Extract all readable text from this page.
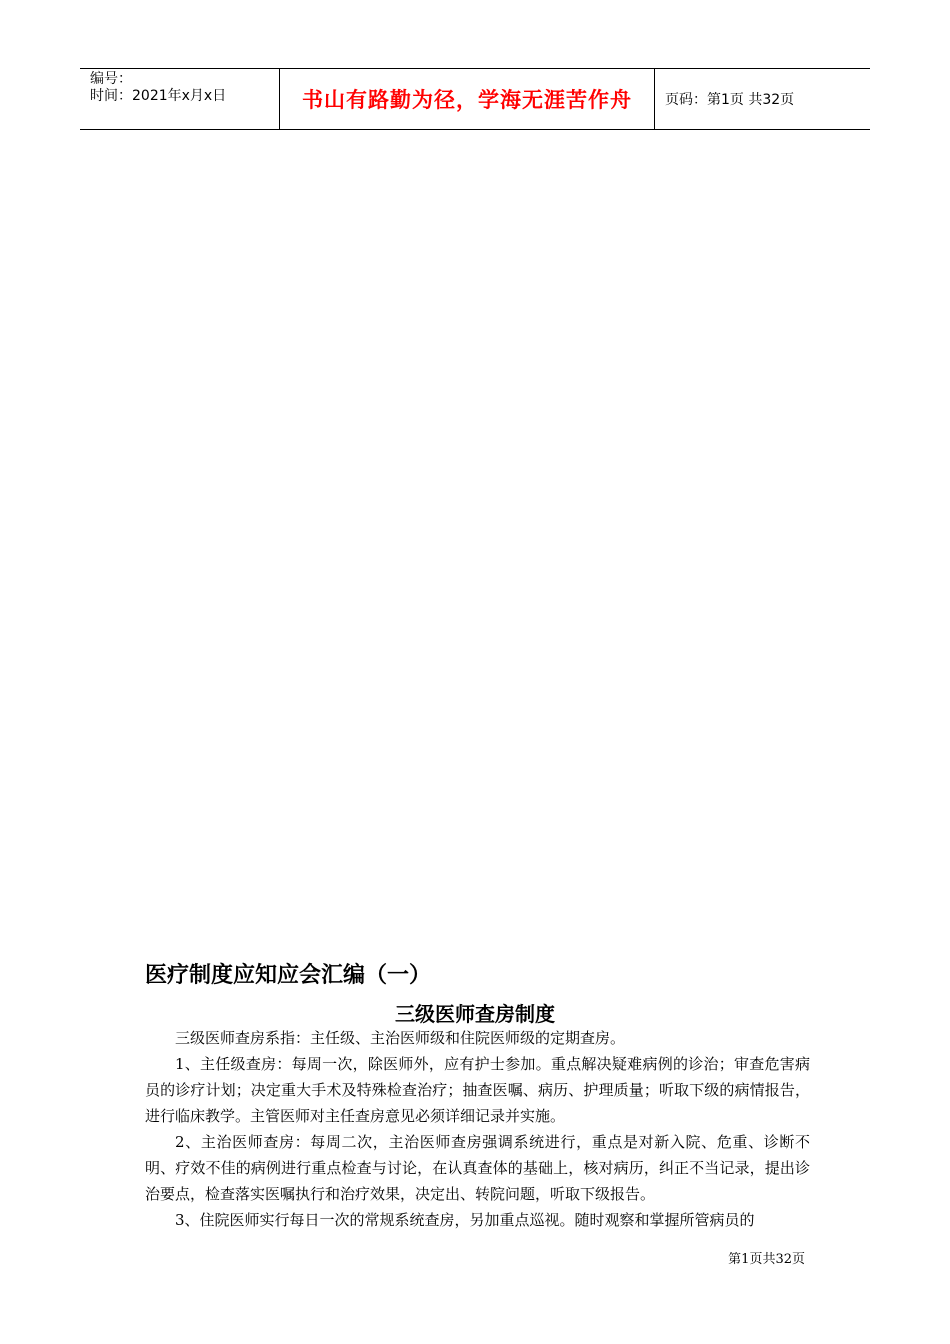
编号：
时间：2021年x月x日	书山有路勤为径，学海无涯苦作舟	页码：第1页 共32页
医疗制度应知应会汇编（一）
三级医师查房制度

三级医师查房系指：主任级、主治医师级和住院医师级的定期查房。

1、主任级查房：每周一次，除医师外，应有护士参加。重点解决疑难病例的诊治；审查危害病员的诊疗计划；决定重大手术及特殊检查治疗；抽查医嘱、病历、护理质量；听取下级的病情报告，进行临床教学。主管医师对主任查房意见必须详细记录并实施。

2、主治医师查房：每周二次，主治医师查房强调系统进行，重点是对新入院、危重、诊断不明、疗效不佳的病例进行重点检查与讨论，在认真查体的基础上，核对病历，纠正不当记录，提出诊治要点，检查落实医嘱执行和治疗效果，决定出、转院问题，听取下级报告。

3、住院医师实行每日一次的常规系统查房，另加重点巡视。随时观察和掌握所管病员的

第1页共32页
